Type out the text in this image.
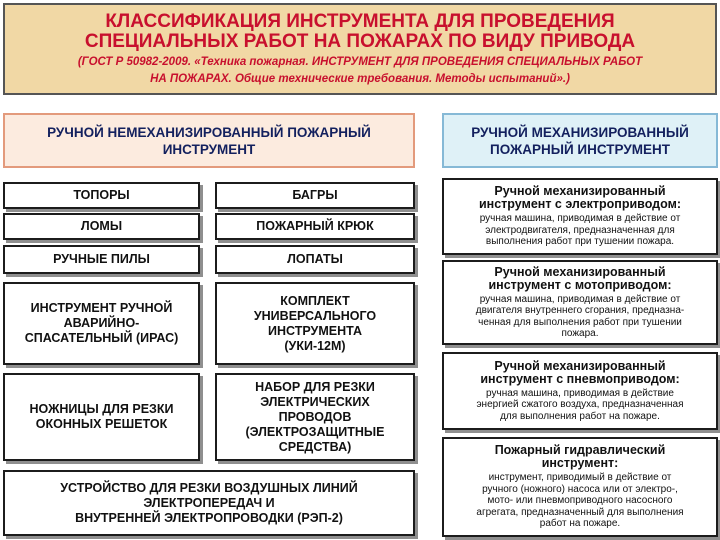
КЛАССИФИКАЦИЯ ИНСТРУМЕНТА ДЛЯ ПРОВЕДЕНИЯ
СПЕЦИАЛЬНЫХ РАБОТ НА ПОЖАРАХ ПО ВИДУ ПРИВОДА
(ГОСТ Р 50982-2009. «Техника пожарная. ИНСТРУМЕНТ ДЛЯ ПРОВЕДЕНИЯ СПЕЦИАЛЬНЫХ РАБОТ
НА ПОЖАРАХ. Общие технические требования. Методы испытаний».)
РУЧНОЙ НЕМЕХАНИЗИРОВАННЫЙ ПОЖАРНЫЙ
ИНСТРУМЕНТ
РУЧНОЙ МЕХАНИЗИРОВАННЫЙ
ПОЖАРНЫЙ ИНСТРУМЕНТ
ТОПОРЫ	БАГРЫ
ЛОМЫ	ПОЖАРНЫЙ КРЮК
РУЧНЫЕ ПИЛЫ	ЛОПАТЫ
ИНСТРУМЕНТ РУЧНОЙ
АВАРИЙНО-
СПАСАТЕЛЬНЫЙ (ИРАС)
КОМПЛЕКТ
УНИВЕРСАЛЬНОГО
ИНСТРУМЕНТА
(УКИ-12М)
НОЖНИЦЫ ДЛЯ РЕЗКИ
ОКОННЫХ РЕШЕТОК
НАБОР ДЛЯ РЕЗКИ
ЭЛЕКТРИЧЕСКИХ
ПРОВОДОВ
(ЭЛЕКТРОЗАЩИТНЫЕ
СРЕДСТВА)
УСТРОЙСТВО ДЛЯ РЕЗКИ ВОЗДУШНЫХ ЛИНИЙ
ЭЛЕКТРОПЕРЕДАЧ И
ВНУТРЕННЕЙ ЭЛЕКТРОПРОВОДКИ (РЭП-2)
Ручной механизированный
инструмент с электроприводом:
ручная машина, приводимая в действие от
электродвигателя, предназначенная для
выполнения работ при тушении пожара.
Ручной механизированный
инструмент с мотоприводом:
ручная машина, приводимая в действие от
двигателя внутреннего сгорания, предназна-
ченная для выполнения работ при тушении
пожара.
Ручной механизированный
инструмент с пневмоприводом:
ручная машина, приводимая в действие
энергией сжатого воздуха, предназначенная
для выполнения работ на пожаре.
Пожарный гидравлический
инструмент:
инструмент, приводимый в действие от
ручного (ножного) насоса или от электро-,
мото- или пневмоприводного насосного
агрегата, предназначенный для выполнения
работ на пожаре.
